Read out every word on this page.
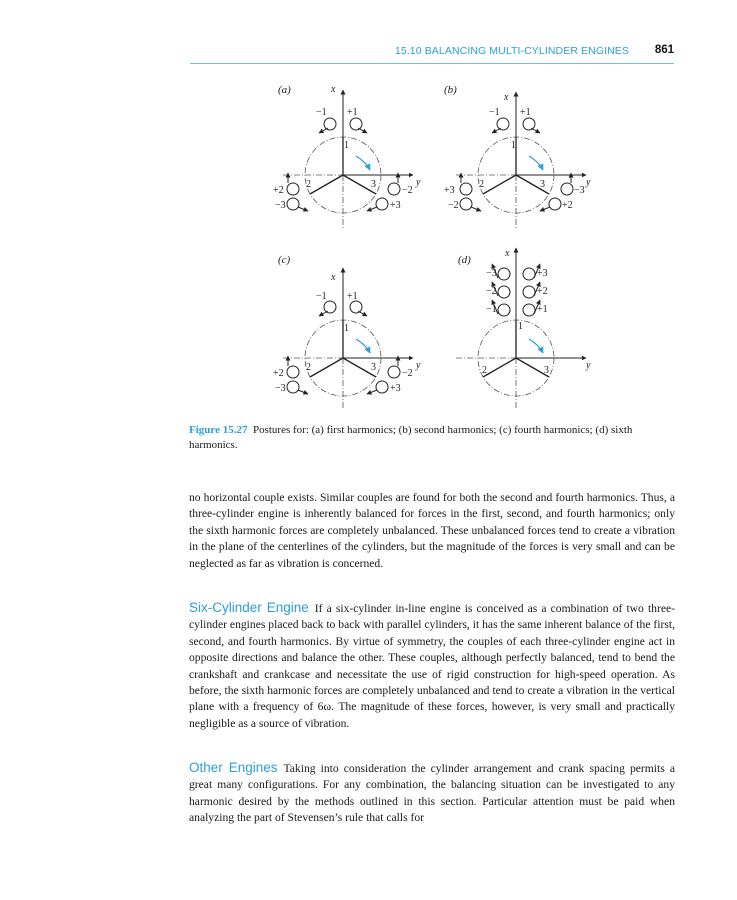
15.10 BALANCING MULTI-CYLINDER ENGINES 861
(a)	x
y
1
2	3
−1 +1
+2
−3
−2
+3
(b)
x
y
1
2	3
−1 +1
+3
−2
−3
+2
(c)
x
y
1
2	3
−1 +1
+2
−3
−2
+3
(d)
x
y
1
2	3
−3	+3
−2	+2
−1	+1
Figure 15.27 Postures for: (a) first harmonics; (b) second harmonics; (c) fourth harmonics; (d) sixth harmonics.

no horizontal couple exists. Similar couples are found for both the second and fourth harmonics. Thus, a three-cylinder engine is inherently balanced for forces in the first, second, and fourth harmonics; only the sixth harmonic forces are completely unbalanced. These unbalanced forces tend to create a vibration in the plane of the centerlines of the cylinders, but the magnitude of the forces is very small and can be neglected as far as vibration is concerned.

Six-Cylinder Engine If a six-cylinder in-line engine is conceived as a combination of two three-cylinder engines placed back to back with parallel cylinders, it has the same inherent balance of the first, second, and fourth harmonics. By virtue of symmetry, the couples of each three-cylinder engine act in opposite directions and balance the other. These couples, although perfectly balanced, tend to bend the crankshaft and crankcase and necessitate the use of rigid construction for high-speed operation. As before, the sixth harmonic forces are completely unbalanced and tend to create a vibration in the vertical plane with a frequency of 6ω. The magnitude of these forces, however, is very small and practically negligible as a source of vibration.

Other Engines Taking into consideration the cylinder arrangement and crank spacing permits a great many configurations. For any combination, the balancing situation can be investigated to any harmonic desired by the methods outlined in this section. Particular attention must be paid when analyzing the part of Stevensen’s rule that calls for
